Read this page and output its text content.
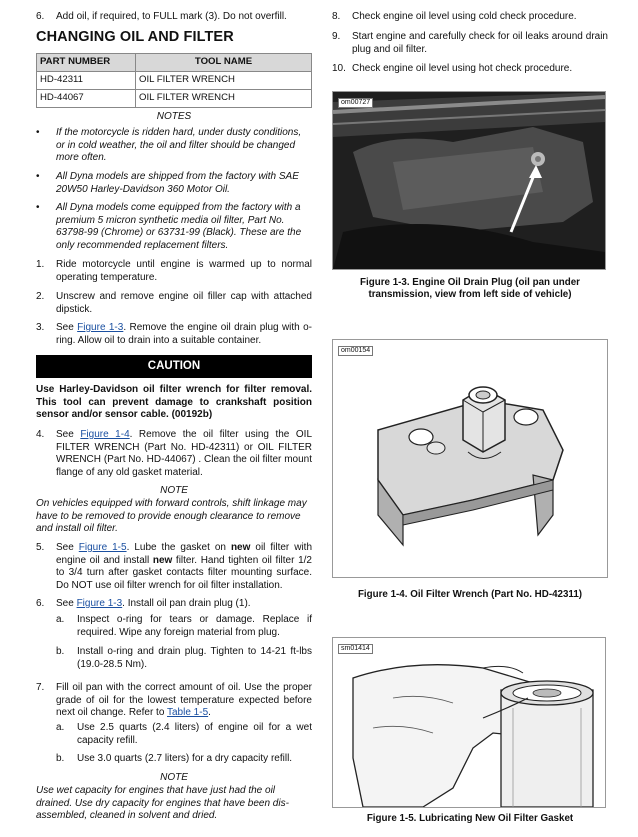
6.	Add oil, if required, to FULL mark (3). Do not overfill.
CHANGING OIL AND FILTER
PART NUMBER	TOOL NAME
HD-42311	OIL FILTER WRENCH
HD-44067	OIL FILTER WRENCH
NOTES
•	If the motorcycle is ridden hard, under dusty conditions, or in cold weather, the oil and filter should be changed more often.
•	All Dyna models are shipped from the factory with SAE 20W50 Harley-Davidson 360 Motor Oil.
•	All Dyna models come equipped from the factory with a premium 5 micron synthetic media oil filter, Part No. 63798-99 (Chrome) or 63731-99 (Black). These are the only recommended replacement filters.
1.	Ride motorcycle until engine is warmed up to normal operating temperature.
2.	Unscrew and remove engine oil filler cap with attached dipstick.
3.	See Figure 1-3. Remove the engine oil drain plug with o-ring. Allow oil to drain into a suitable container.
CAUTION
Use Harley-Davidson oil filter wrench for filter removal. This tool can prevent damage to crankshaft position sensor and/or sensor cable. (00192b)
4.	See Figure 1-4. Remove the oil filter using the OIL FILTER WRENCH (Part No. HD-42311) or OIL FILTER WRENCH (Part No. HD-44067) . Clean the oil filter mount flange of any old gasket material.
NOTE
On vehicles equipped with forward controls, shift linkage may have to be removed to provide enough clearance to remove and install oil filter.
5.	See Figure 1-5. Lube the gasket on new oil filter with engine oil and install new filter. Hand tighten oil filter 1/2 to 3/4 turn after gasket contacts filter mounting surface. Do NOT use oil filter wrench for oil filter installation.
6.	See Figure 1-3. Install oil pan drain plug (1).
a.	Inspect o-ring for tears or damage. Replace if required. Wipe any foreign material from plug.
b.	Install o-ring and drain plug. Tighten to 14-21 ft-lbs (19.0-28.5 Nm).
7.	Fill oil pan with the correct amount of oil. Use the proper grade of oil for the lowest temperature expected before next oil change. Refer to Table 1-5.
a.	Use 2.5 quarts (2.4 liters) of engine oil for a wet capacity refill.
b.	Use 3.0 quarts (2.7 liters) for a dry capacity refill.
NOTE
Use wet capacity for engines that have just had the oil drained. Use dry capacity for engines that have been dis-assembled, cleaned in solvent and dried.
8.	Check engine oil level using cold check procedure.
9.	Start engine and carefully check for oil leaks around drain plug and oil filter.
10. Check engine oil level using hot check procedure.
om00727
Figure 1-3. Engine Oil Drain Plug (oil pan under transmission, view from left side of vehicle)
om00154
Figure 1-4. Oil Filter Wrench (Part No. HD-42311)
sm01414
Figure 1-5. Lubricating New Oil Filter Gasket
